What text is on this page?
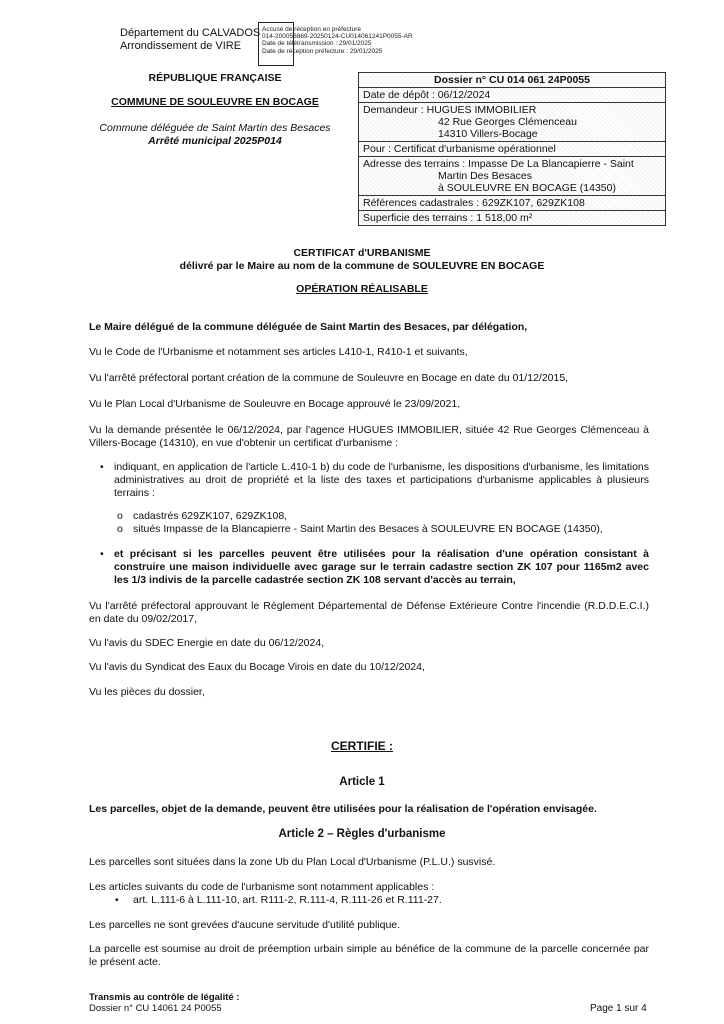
Département du CALVADOS
Arrondissement de VIRE
Accusé de réception en préfecture
014-200056869-20250124-CU014061241P0055-AR
Date de télétransmission : 29/01/2025
Date de réception préfecture : 29/01/2025
RÉPUBLIQUE FRANÇAISE
COMMUNE DE SOULEUVRE EN BOCAGE
Commune déléguée de Saint Martin des Besaces
Arrêté municipal 2025P014
Dossier n° CU 014 061 24P0055
Date de dépôt : 06/12/2024
Demandeur : HUGUES IMMOBILIER
42 Rue Georges Clémenceau
14310 Villers-Bocage
Pour : Certificat d'urbanisme opérationnel
Adresse des terrains : Impasse De La Blancapierre - Saint
Martin Des Besaces
à SOULEUVRE EN BOCAGE (14350)
Références cadastrales : 629ZK107, 629ZK108
Superficie des terrains : 1 518,00 m²
CERTIFICAT d'URBANISME
délivré par le Maire au nom de la commune de SOULEUVRE EN BOCAGE
OPÉRATION RÉALISABLE
Le Maire délégué de la commune déléguée de Saint Martin des Besaces, par délégation,
Vu le Code de l'Urbanisme et notamment ses articles L410-1, R410-1 et suivants,
Vu l'arrêté préfectoral portant création de la commune de Souleuvre en Bocage en date du 01/12/2015,
Vu le Plan Local d'Urbanisme de Souleuvre en Bocage approuvé le 23/09/2021,
Vu la demande présentée le 06/12/2024, par l'agence HUGUES IMMOBILIER, située 42 Rue Georges Clémenceau à Villers-Bocage (14310), en vue d'obtenir un certificat d'urbanisme :
• indiquant, en application de l'article L.410-1 b) du code de l'urbanisme, les dispositions d'urbanisme, les limitations administratives au droit de propriété et la liste des taxes et participations d'urbanisme applicables à plusieurs terrains :
o cadastrés 629ZK107, 629ZK108,
o situés Impasse de la Blancapierre - Saint Martin des Besaces à SOULEUVRE EN BOCAGE (14350),
• et précisant si les parcelles peuvent être utilisées pour la réalisation d'une opération consistant à construire une maison individuelle avec garage sur le terrain cadastre section ZK 107 pour 1165m2 avec les 1/3 indivis de la parcelle cadastrée section ZK 108 servant d'accès au terrain,
Vu l'arrêté préfectoral approuvant le Règlement Départemental de Défense Extérieure Contre l'incendie (R.D.D.E.C.I.) en date du 09/02/2017,
Vu l'avis du SDEC Energie en date du 06/12/2024,
Vu l'avis du Syndicat des Eaux du Bocage Virois en date du 10/12/2024,
Vu les pièces du dossier,
CERTIFIE :
Article 1
Les parcelles, objet de la demande, peuvent être utilisées pour la réalisation de l'opération envisagée.
Article 2 – Règles d'urbanisme
Les parcelles sont situées dans la zone Ub du Plan Local d'Urbanisme (P.L.U.) susvisé.
Les articles suivants du code de l'urbanisme sont notamment applicables :
• art. L.111-6 à L.111-10, art. R111-2, R.111-4, R.111-26 et R.111-27.
Les parcelles ne sont grevées d'aucune servitude d'utilité publique.
La parcelle est soumise au droit de préemption urbain simple au bénéfice de la commune de la parcelle concernée par le présent acte.
Transmis au contrôle de légalité :
Dossier n° CU 14061 24 P0055	Page 1 sur 4
